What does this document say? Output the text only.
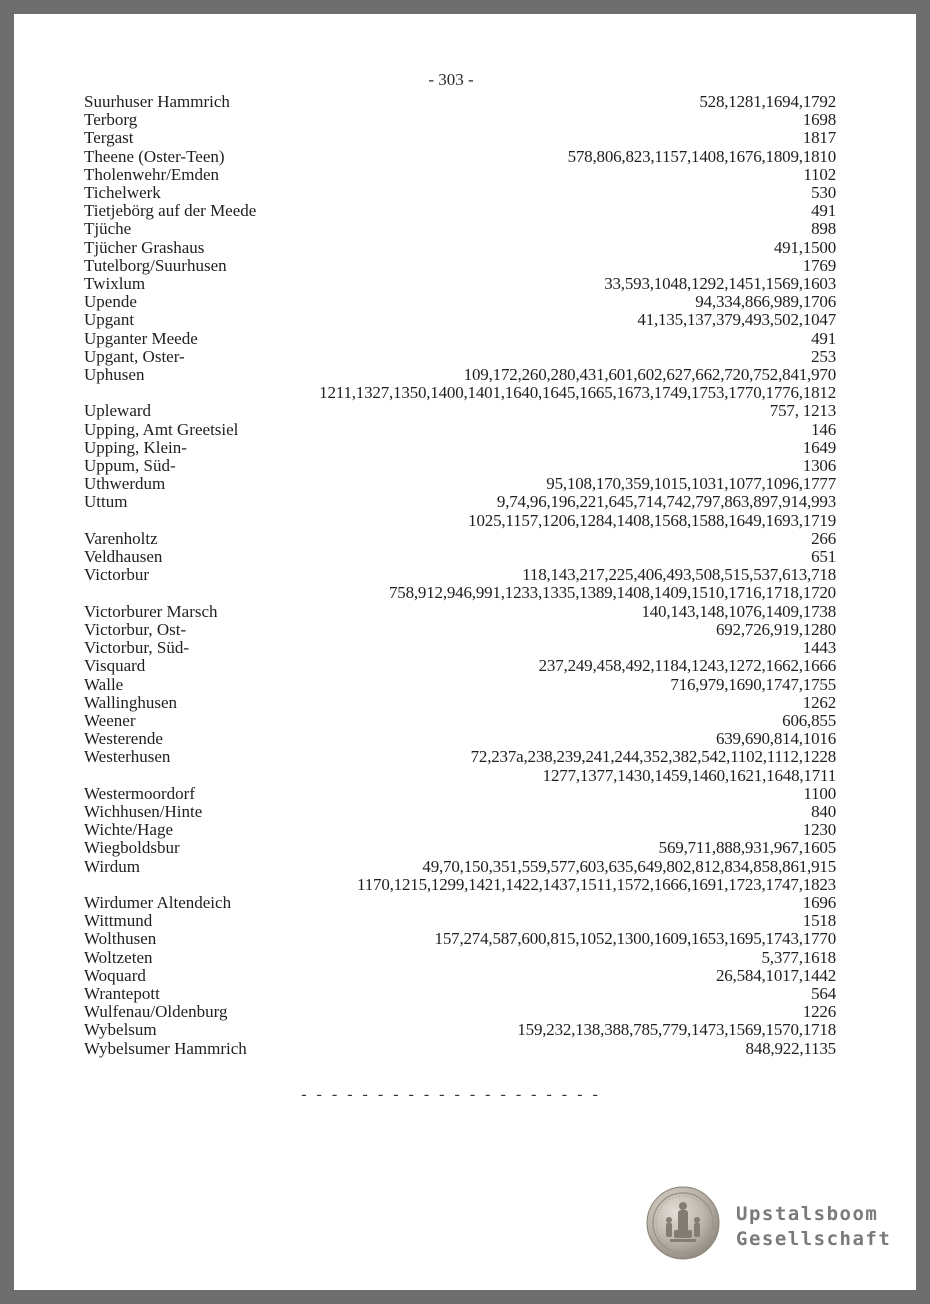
- 303 -
Suurhuser Hammrich	528,1281,1694,1792
Terborg	1698
Tergast	1817
Theene (Oster-Teen)	578,806,823,1157,1408,1676,1809,1810
Tholenwehr/Emden	1102
Tichelwerk	530
Tietjebörg auf der Meede	491
Tjüche	898
Tjücher Grashaus	491,1500
Tutelborg/Suurhusen	1769
Twixlum	33,593,1048,1292,1451,1569,1603
Upende	94,334,866,989,1706
Upgant	41,135,137,379,493,502,1047
Upganter Meede	491
Upgant, Oster-	253
Uphusen	109,172,260,280,431,601,602,627,662,720,752,841,970
1211,1327,1350,1400,1401,1640,1645,1665,1673,1749,1753,1770,1776,1812
Upleward	757, 1213
Upping, Amt Greetsiel	146
Upping, Klein-	1649
Uppum, Süd-	1306
Uthwerdum	95,108,170,359,1015,1031,1077,1096,1777
Uttum	9,74,96,196,221,645,714,742,797,863,897,914,993
1025,1157,1206,1284,1408,1568,1588,1649,1693,1719
Varenholtz	266
Veldhausen	651
Victorbur	118,143,217,225,406,493,508,515,537,613,718
758,912,946,991,1233,1335,1389,1408,1409,1510,1716,1718,1720
Victorburer Marsch	140,143,148,1076,1409,1738
Victorbur, Ost-	692,726,919,1280
Victorbur, Süd-	1443
Visquard	237,249,458,492,1184,1243,1272,1662,1666
Walle	716,979,1690,1747,1755
Wallinghusen	1262
Weener	606,855
Westerende	639,690,814,1016
Westerhusen	72,237a,238,239,241,244,352,382,542,1102,1112,1228
1277,1377,1430,1459,1460,1621,1648,1711
Westermoordorf	1100
Wichhusen/Hinte	840
Wichte/Hage	1230
Wiegboldsbur	569,711,888,931,967,1605
Wirdum	49,70,150,351,559,577,603,635,649,802,812,834,858,861,915
1170,1215,1299,1421,1422,1437,1511,1572,1666,1691,1723,1747,1823
Wirdumer Altendeich	1696
Wittmund	1518
Wolthusen	157,274,587,600,815,1052,1300,1609,1653,1695,1743,1770
Woltzeten	5,377,1618
Woquard	26,584,1017,1442
Wrantepott	564
Wulfenau/Oldenburg	1226
Wybelsum	159,232,138,388,785,779,1473,1569,1570,1718
Wybelsumer Hammrich	848,922,1135
- - - - - - - - - - - - - - - - - - - -
Upstalsboom
Gesellschaft
